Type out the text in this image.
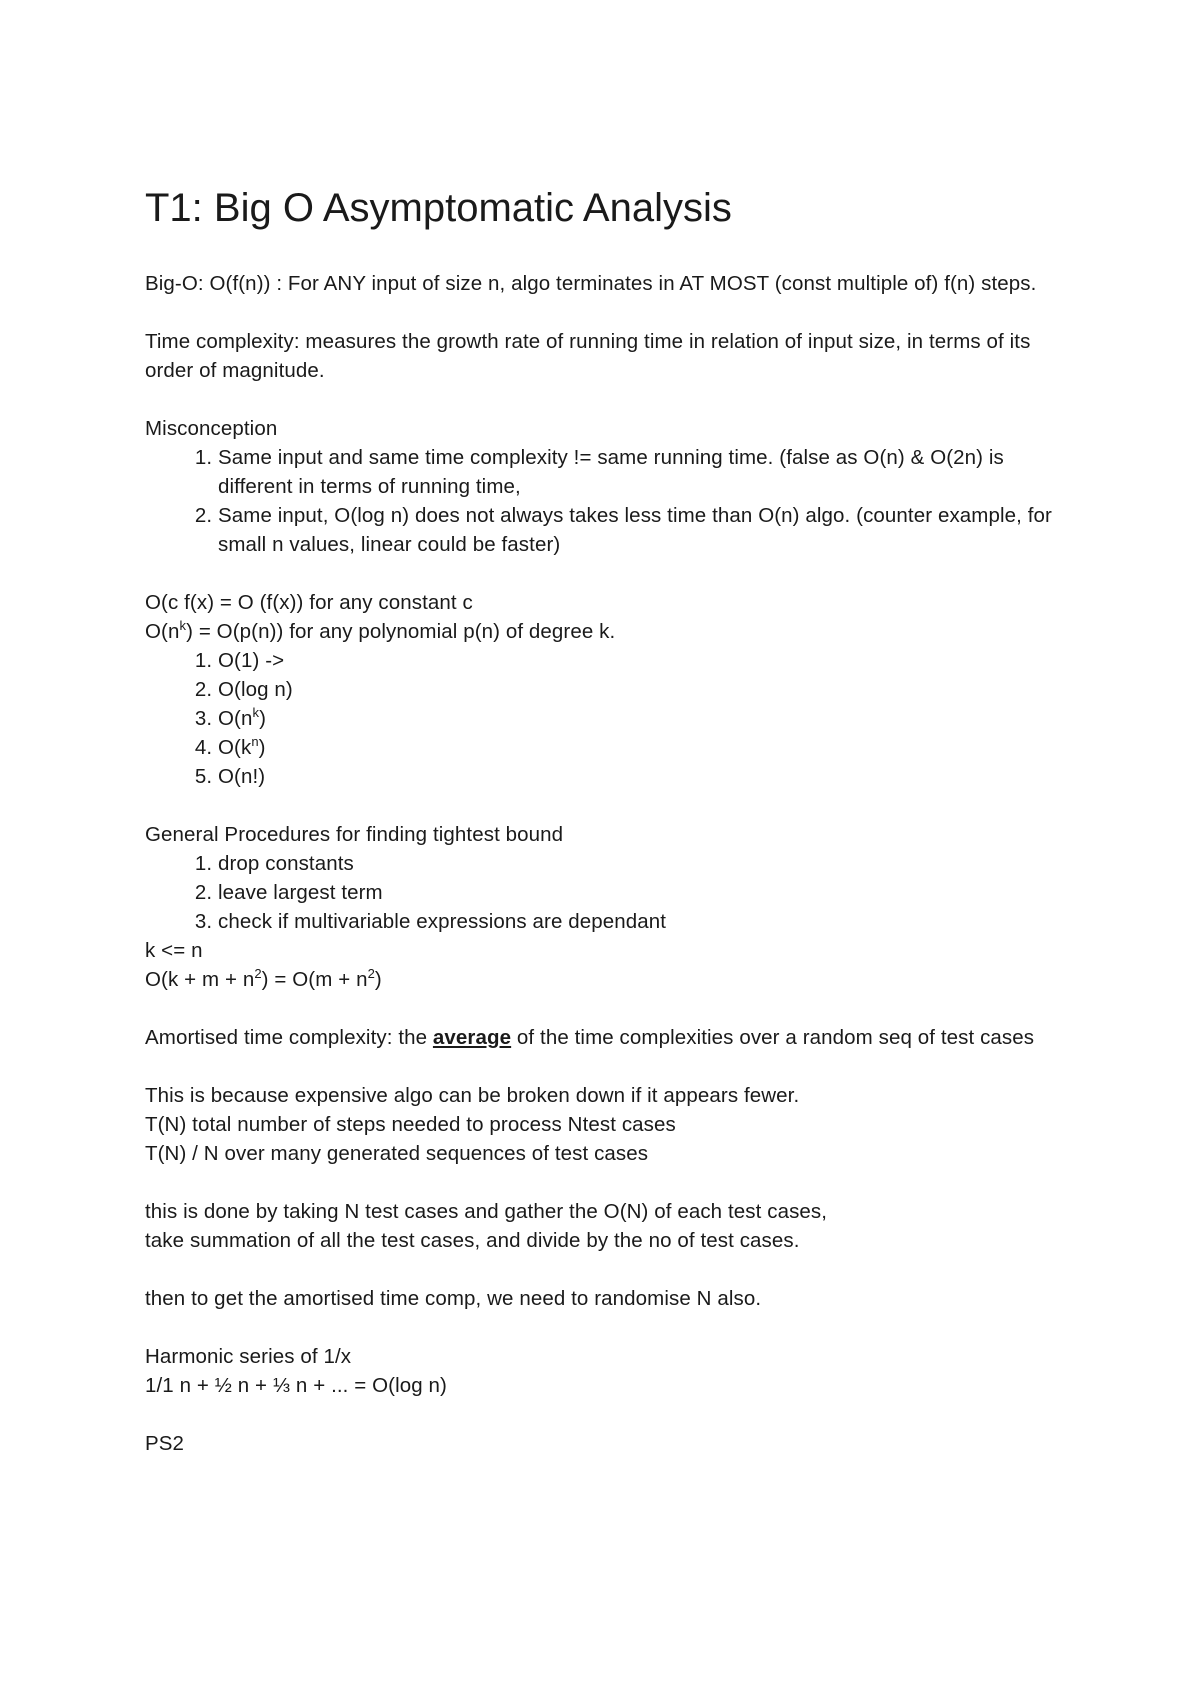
T1: Big O Asymptomatic Analysis

Big-O: O(f(n)) : For ANY input of size n, algo terminates in AT MOST (const multiple of) f(n) steps.

Time complexity: measures the growth rate of running time in relation of input size, in terms of its order of magnitude.

Misconception

1. Same input and same time complexity != same running time. (false as O(n) & O(2n) is different in terms of running time,
2. Same input, O(log n) does not always takes less time than O(n) algo. (counter example, for small n values, linear could be faster)

O(c f(x) = O (f(x)) for any constant c

$O(n^k) = O(p(n))$ for any polynomial p(n) of degree k.

1. O(1) ->
2. O(log n)
3. $O(n^k)$
4. $O(k^n)$
5. O(n!)

General Procedures for finding tightest bound

1. drop constants
2. leave largest term
3. check if multivariable expressions are dependant

k <= n

$O(k + m + n^2) = O(m + n^2)$

Amortised time complexity: the average of the time complexities over a random seq of test cases

This is because expensive algo can be broken down if it appears fewer.

T(N) total number of steps needed to process Ntest cases

T(N) / N over many generated sequences of test cases

this is done by taking N test cases and gather the O(N) of each test cases,

take summation of all the test cases, and divide by the no of test cases.

then to get the amortised time comp, we need to randomise N also.

Harmonic series of 1/x

1/1 n + ½ n + ⅓ n + ... = O(log n)

PS2
